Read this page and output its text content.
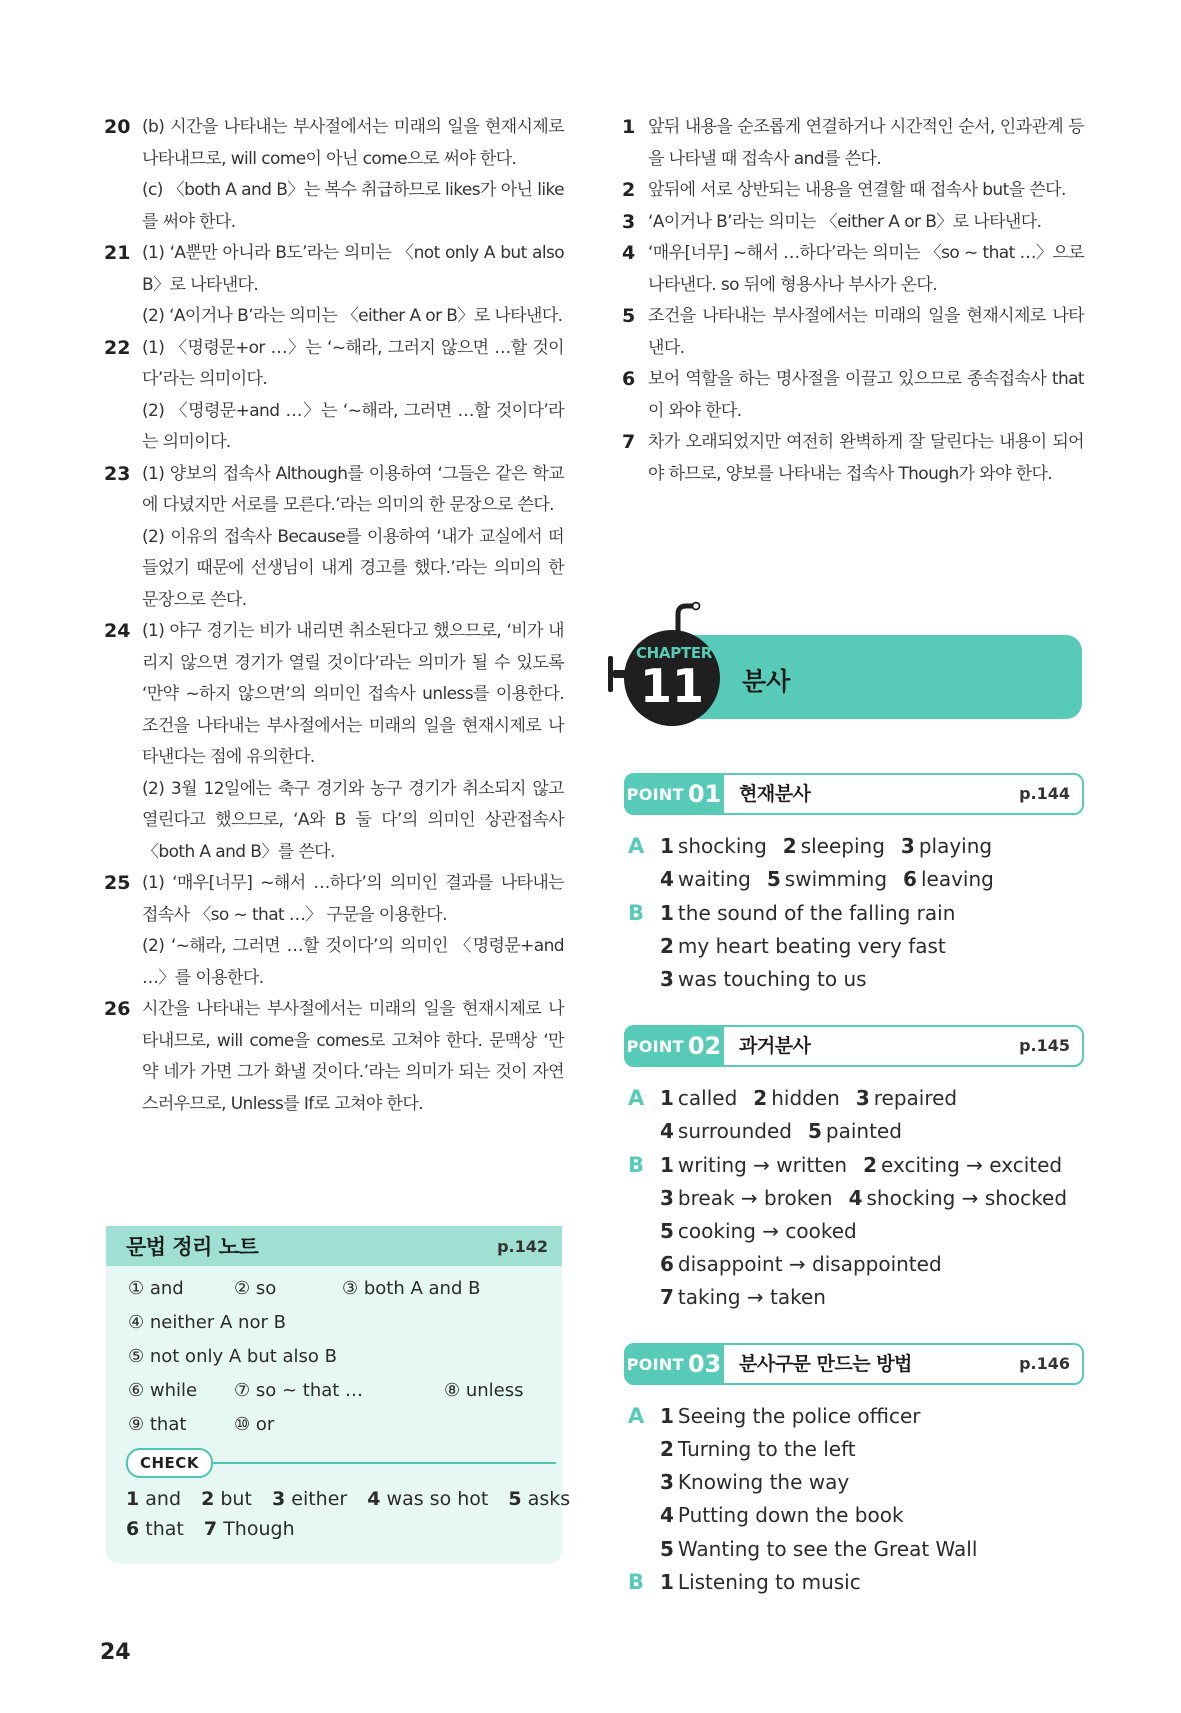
20 (b) 시간을 나타내는 부사절에서는 미래의 일을 현재시제로 나타내므로, will come이 아닌 come으로 써야 한다.
(c) 〈both A and B〉는 복수 취급하므로 likes가 아닌 like를 써야 한다.
21 (1) ‘A뿐만 아니라 B도’라는 의미는 〈not only A but also B〉로 나타낸다.
(2) ‘A이거나 B’라는 의미는 〈either A or B〉로 나타낸다.
22 (1) 〈명령문+or …〉는 ‘~해라, 그러지 않으면 …할 것이다’라는 의미이다.
(2) 〈명령문+and …〉는 ‘~해라, 그러면 …할 것이다’라는 의미이다.
23 (1) 양보의 접속사 Although를 이용하여 ‘그들은 같은 학교에 다녔지만 서로를 모른다.’라는 의미의 한 문장으로 쓴다.
(2) 이유의 접속사 Because를 이용하여 ‘내가 교실에서 떠들었기 때문에 선생님이 내게 경고를 했다.’라는 의미의 한 문장으로 쓴다.
24 (1) 야구 경기는 비가 내리면 취소된다고 했으므로, ‘비가 내리지 않으면 경기가 열릴 것이다’라는 의미가 될 수 있도록 ‘만약 ~하지 않으면’의 의미인 접속사 unless를 이용한다. 조건을 나타내는 부사절에서는 미래의 일을 현재시제로 나타낸다는 점에 유의한다.
(2) 3월 12일에는 축구 경기와 농구 경기가 취소되지 않고 열린다고 했으므로, ‘A와 B 둘 다’의 의미인 상관접속사 〈both A and B〉를 쓴다.
25 (1) ‘매우[너무] ~해서 …하다’의 의미인 결과를 나타내는 접속사 〈so ~ that …〉 구문을 이용한다.
(2) ‘~해라, 그러면 …할 것이다’의 의미인 〈명령문+and …〉를 이용한다.
26 시간을 나타내는 부사절에서는 미래의 일을 현재시제로 나타내므로, will come을 comes로 고쳐야 한다. 문맥상 ‘만약 네가 가면 그가 화낼 것이다.’라는 의미가 되는 것이 자연스러우므로, Unless를 If로 고쳐야 한다.
문법 정리 노트	p.142
① and	② so	③ both A and B
④ neither A nor B
⑤ not only A but also B
⑥ while ⑦ so ~ that …	⑧ unless
⑨ that	⑩ or
CHECK
1 and 2 but 3 either 4 was so hot 5 asks
6 that 7 Though
1 앞뒤 내용을 순조롭게 연결하거나 시간적인 순서, 인과관계 등을 나타낼 때 접속사 and를 쓴다.
2 앞뒤에 서로 상반되는 내용을 연결할 때 접속사 but을 쓴다.
3 ‘A이거나 B’라는 의미는 〈either A or B〉로 나타낸다.
4 ‘매우[너무] ~해서 …하다’라는 의미는 〈so ~ that …〉으로 나타낸다. so 뒤에 형용사나 부사가 온다.
5 조건을 나타내는 부사절에서는 미래의 일을 현재시제로 나타낸다.
6 보어 역할을 하는 명사절을 이끌고 있으므로 종속접속사 that이 와야 한다.
7 차가 오래되었지만 여전히 완벽하게 잘 달린다는 내용이 되어야 하므로, 양보를 나타내는 접속사 Though가 와야 한다.
CHAPTER
11	분사
POINT 01 현재분사	p.144
A 1 shocking 2 sleeping 3 playing
4 waiting 5 swimming 6 leaving
B 1 the sound of the falling rain
2 my heart beating very fast
3 was touching to us
POINT 02 과거분사	p.145
A 1 called 2 hidden 3 repaired
4 surrounded 5 painted
B 1 writing → written 2 exciting → excited
3 break → broken 4 shocking → shocked
5 cooking → cooked
6 disappoint → disappointed
7 taking → taken
POINT 03 분사구문 만드는 방법	p.146
A 1 Seeing the police officer
2 Turning to the left
3 Knowing the way
4 Putting down the book
5 Wanting to see the Great Wall
B 1 Listening to music
24
